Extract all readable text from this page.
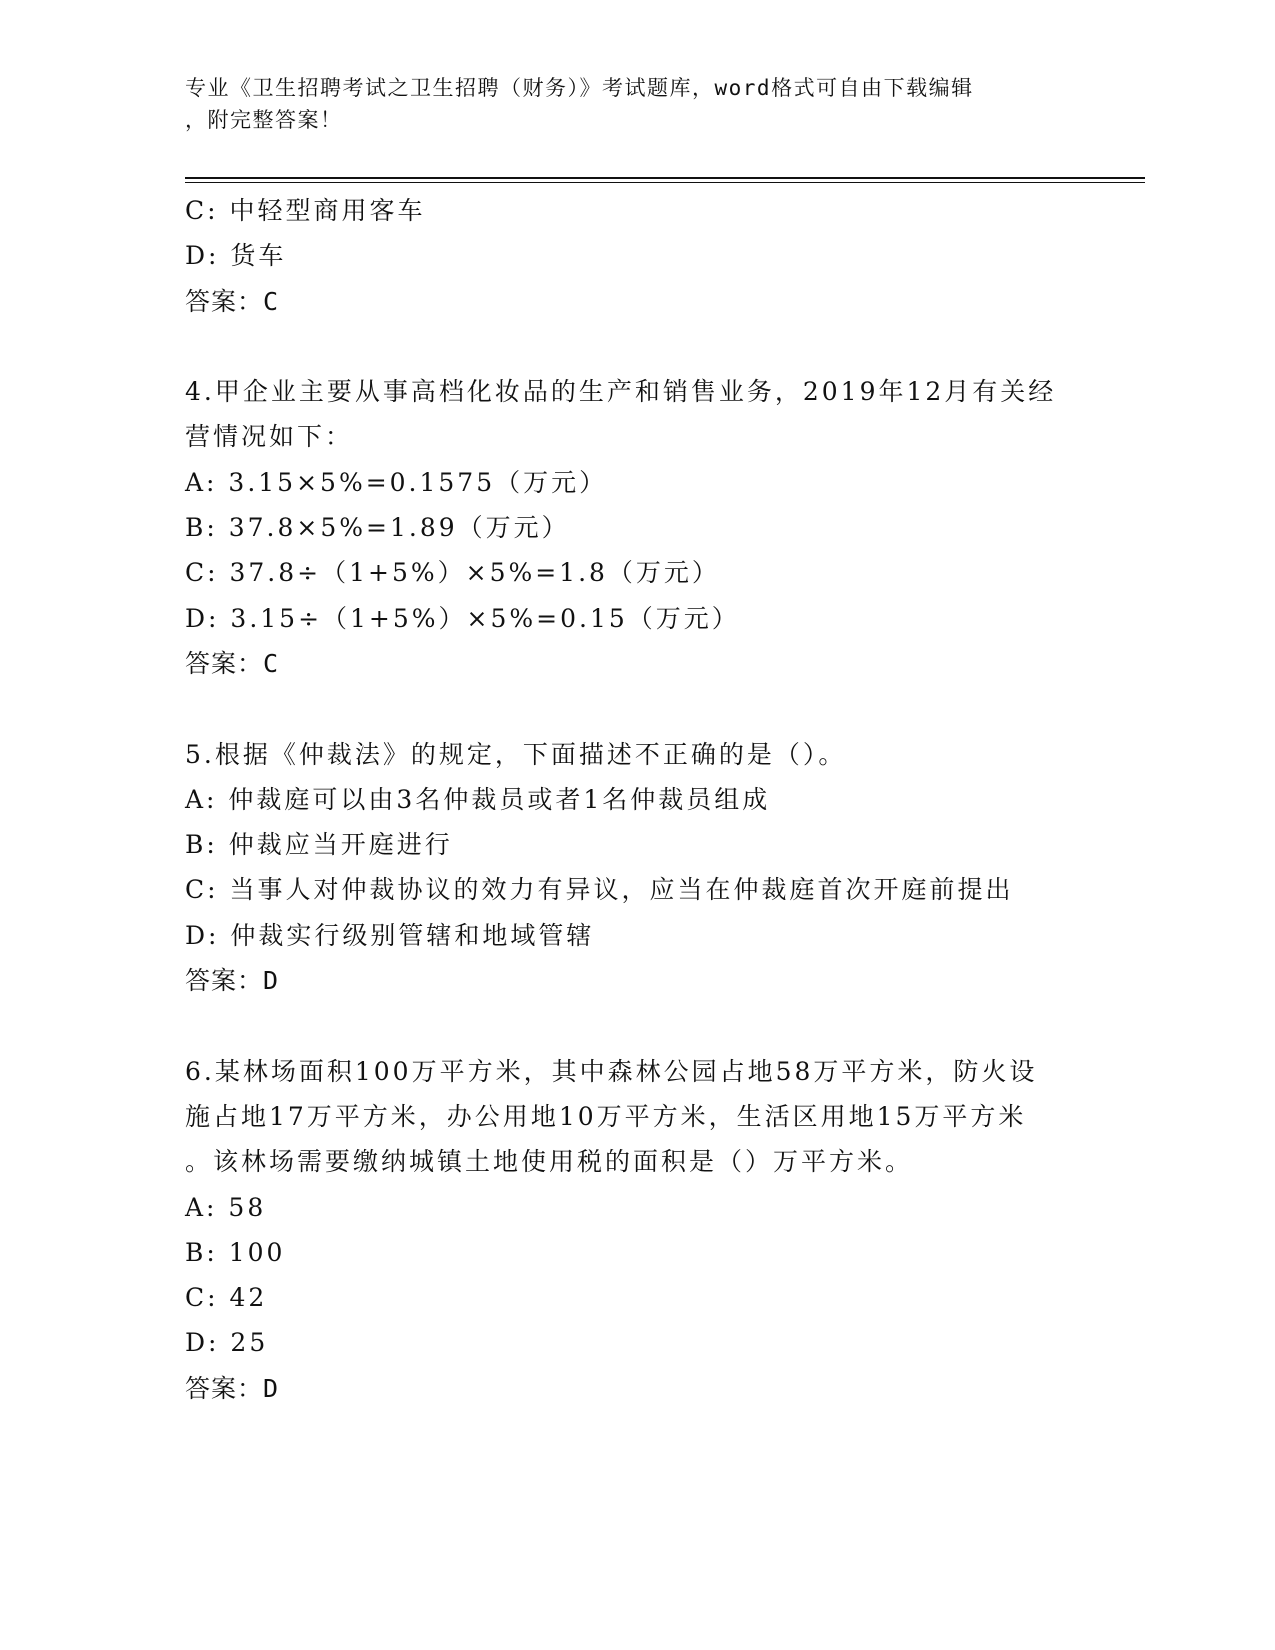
专业《卫生招聘考试之卫生招聘（财务）》考试题库，word格式可自由下载编辑

，附完整答案！

C: 中轻型商用客车
D: 货车
答案：C
4.甲企业主要从事高档化妆品的生产和销售业务，2019年12月有关经
营情况如下：
A: 3.15×5%=0.1575（万元）
B: 37.8×5%=1.89（万元）
C: 37.8÷（1+5%）×5%=1.8（万元）
D: 3.15÷（1+5%）×5%=0.15（万元）
答案：C
5.根据《仲裁法》的规定，下面描述不正确的是（）。
A: 仲裁庭可以由3名仲裁员或者1名仲裁员组成
B: 仲裁应当开庭进行
C: 当事人对仲裁协议的效力有异议，应当在仲裁庭首次开庭前提出
D: 仲裁实行级别管辖和地域管辖
答案：D
6.某林场面积100万平方米，其中森林公园占地58万平方米，防火设
施占地17万平方米，办公用地10万平方米，生活区用地15万平方米
。该林场需要缴纳城镇土地使用税的面积是（）万平方米。
A: 58
B: 100
C: 42
D: 25
答案：D
